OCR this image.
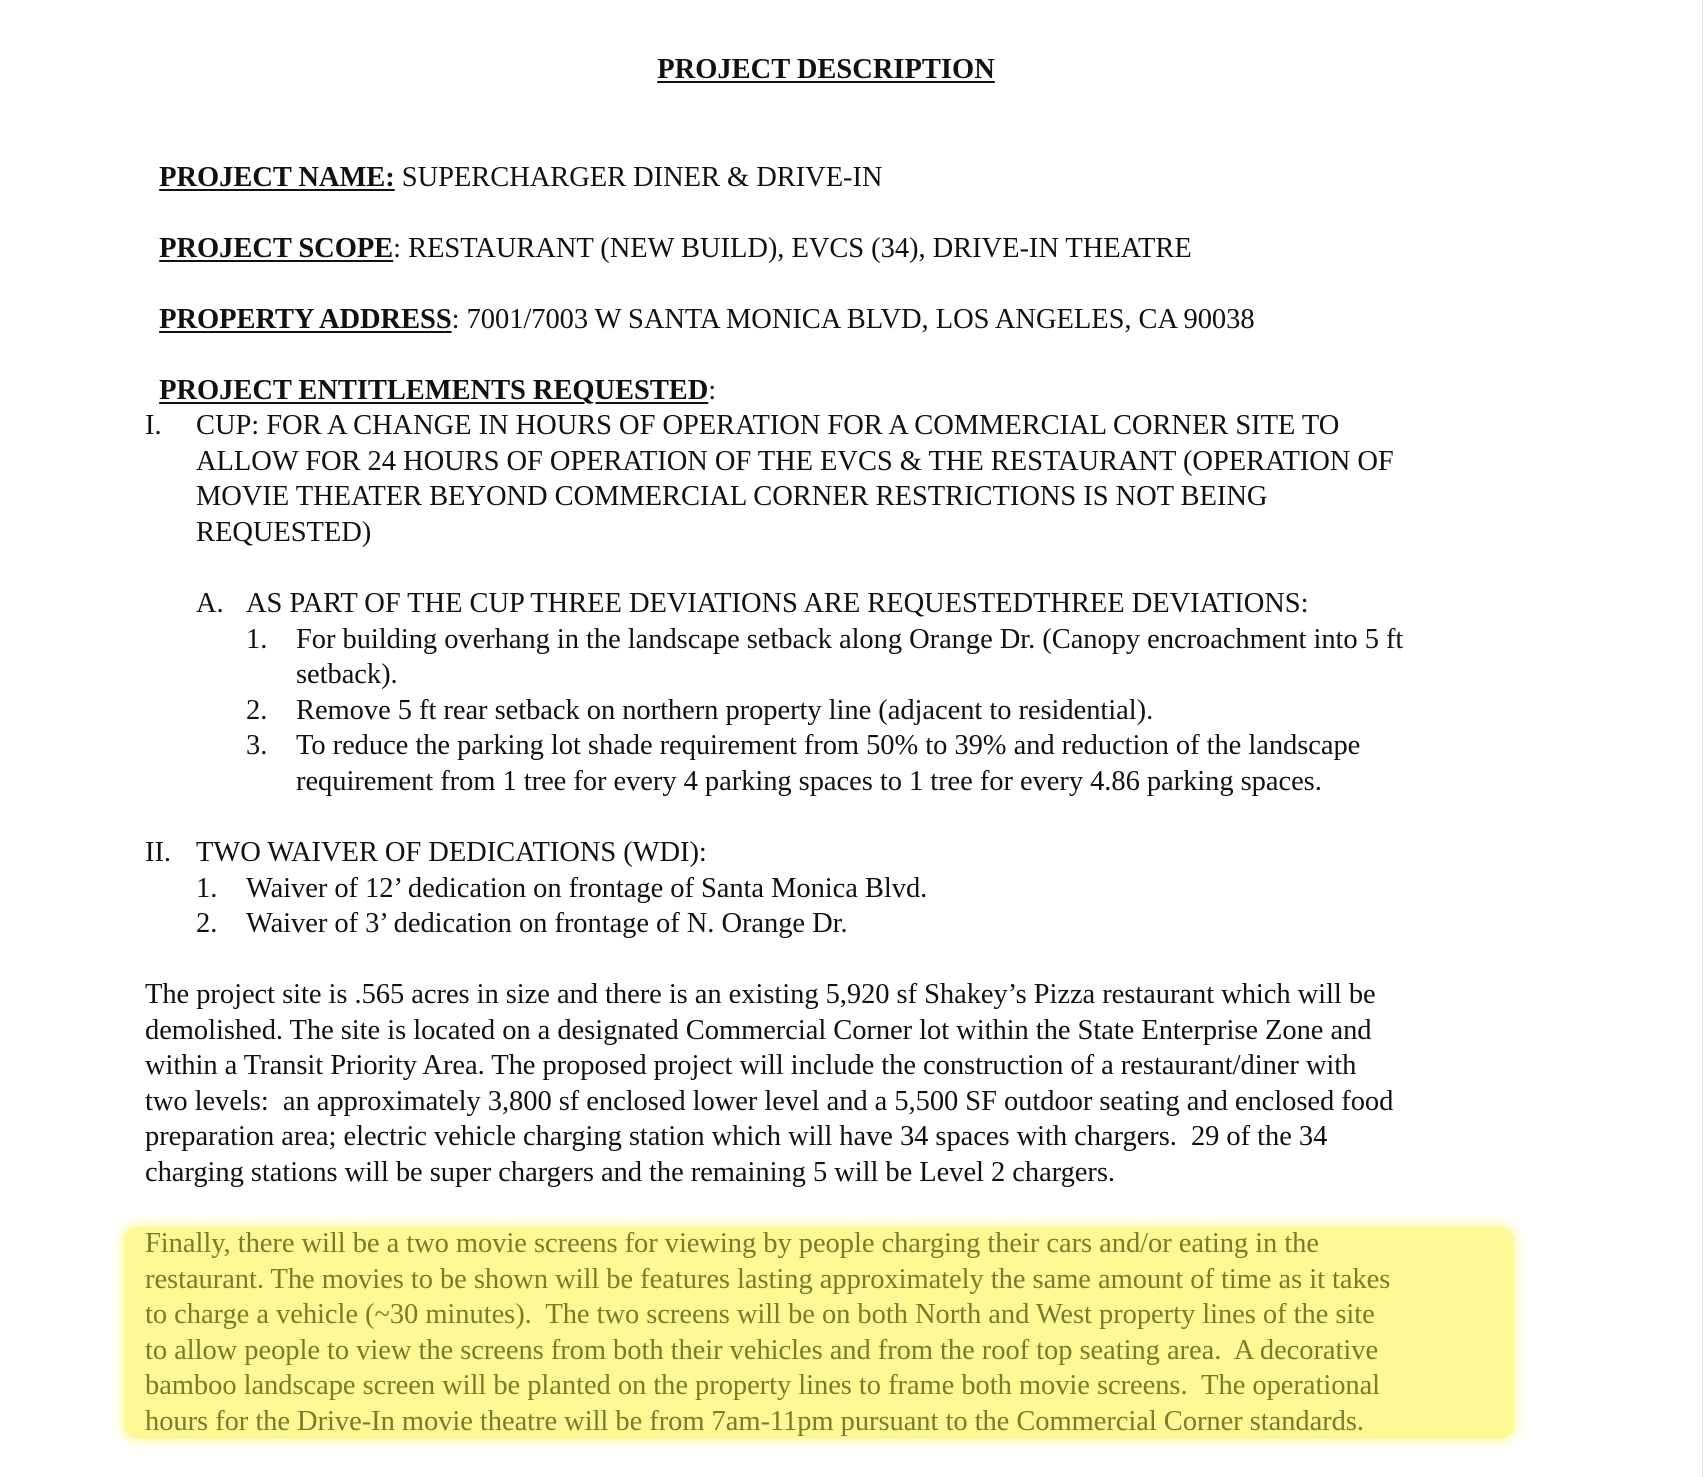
PROJECT DESCRIPTION

PROJECT NAME: SUPERCHARGER DINER & DRIVE-IN

PROJECT SCOPE: RESTAURANT (NEW BUILD), EVCS (34), DRIVE-IN THEATRE

PROPERTY ADDRESS: 7001/7003 W SANTA MONICA BLVD, LOS ANGELES, CA 90038

PROJECT ENTITLEMENTS REQUESTED:

I. CUP: FOR A CHANGE IN HOURS OF OPERATION FOR A COMMERCIAL CORNER SITE TO
ALLOW FOR 24 HOURS OF OPERATION OF THE EVCS & THE RESTAURANT (OPERATION OF
MOVIE THEATER BEYOND COMMERCIAL CORNER RESTRICTIONS IS NOT BEING
REQUESTED)
A. AS PART OF THE CUP THREE DEVIATIONS ARE REQUESTEDTHREE DEVIATIONS:
1. For building overhang in the landscape setback along Orange Dr. (Canopy encroachment into 5 ft
setback).
2. Remove 5 ft rear setback on northern property line (adjacent to residential).
3. To reduce the parking lot shade requirement from 50% to 39% and reduction of the landscape
requirement from 1 tree for every 4 parking spaces to 1 tree for every 4.86 parking spaces.
II. TWO WAIVER OF DEDICATIONS (WDI):
1. Waiver of 12’ dedication on frontage of Santa Monica Blvd.
2. Waiver of 3’ dedication on frontage of N. Orange Dr.
The project site is .565 acres in size and there is an existing 5,920 sf Shakey’s Pizza restaurant which will be
demolished. The site is located on a designated Commercial Corner lot within the State Enterprise Zone and
within a Transit Priority Area. The proposed project will include the construction of a restaurant/diner with
two levels:  an approximately 3,800 sf enclosed lower level and a 5,500 SF outdoor seating and enclosed food
preparation area; electric vehicle charging station which will have 34 spaces with chargers.  29 of the 34
charging stations will be super chargers and the remaining 5 will be Level 2 chargers.
Finally, there will be a two movie screens for viewing by people charging their cars and/or eating in the
restaurant. The movies to be shown will be features lasting approximately the same amount of time as it takes
to charge a vehicle (~30 minutes).  The two screens will be on both North and West property lines of the site
to allow people to view the screens from both their vehicles and from the roof top seating area.  A decorative
bamboo landscape screen will be planted on the property lines to frame both movie screens.  The operational
hours for the Drive-In movie theatre will be from 7am-11pm pursuant to the Commercial Corner standards.
